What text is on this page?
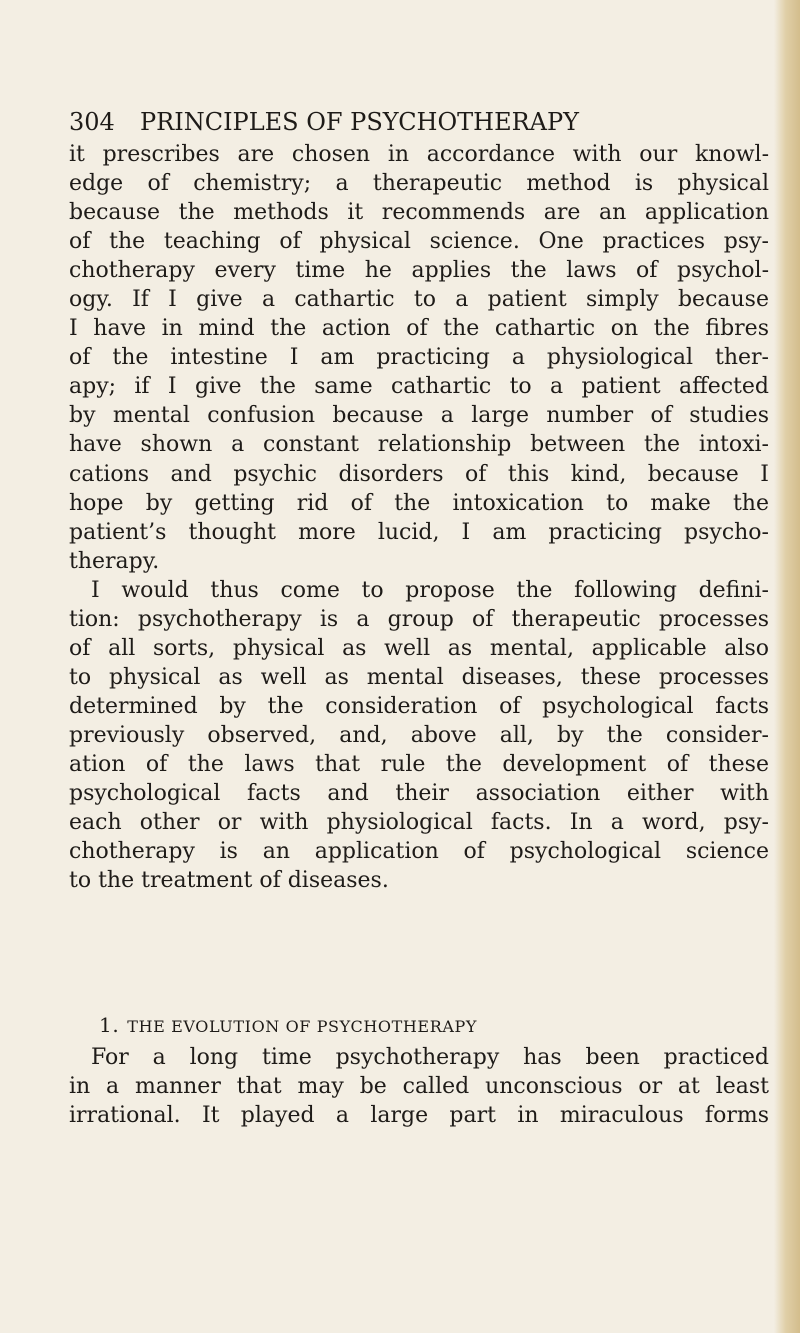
304 PRINCIPLES OF PSYCHOTHERAPY
it prescribes are chosen in accordance with our knowl-
edge of chemistry; a therapeutic method is physical
because the methods it recommends are an application
of the teaching of physical science. One practices psy-
chotherapy every time he applies the laws of psychol-
ogy. If I give a cathartic to a patient simply because
I have in mind the action of the cathartic on the fibres
of the intestine I am practicing a physiological ther-
apy; if I give the same cathartic to a patient affected
by mental confusion because a large number of studies
have shown a constant relationship between the intoxi-
cations and psychic disorders of this kind, because I
hope by getting rid of the intoxication to make the
patient’s thought more lucid, I am practicing psycho-
therapy.
I would thus come to propose the following defini-
tion: psychotherapy is a group of therapeutic processes
of all sorts, physical as well as mental, applicable also
to physical as well as mental diseases, these processes
determined by the consideration of psychological facts
previously observed, and, above all, by the consider-
ation of the laws that rule the development of these
psychological facts and their association either with
each other or with physiological facts. In a word, psy-
chotherapy is an application of psychological science
to the treatment of diseases.
1. THE EVOLUTION OF PSYCHOTHERAPY
For a long time psychotherapy has been practiced
in a manner that may be called unconscious or at least
irrational. It played a large part in miraculous forms
